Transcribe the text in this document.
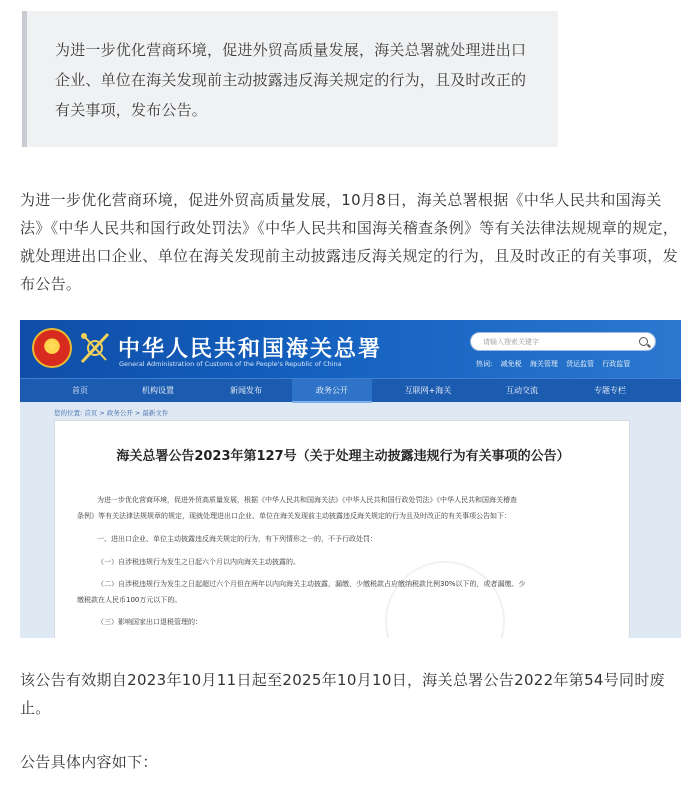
为进一步优化营商环境，促进外贸高质量发展，海关总署就处理进出口企业、单位在海关发现前主动披露违反海关规定的行为，且及时改正的有关事项，发布公告。

为进一步优化营商环境，促进外贸高质量发展，10月8日，海关总署根据《中华人民共和国海关法》《中华人民共和国行政处罚法》《中华人民共和国海关稽查条例》等有关法律法规规章的规定，就处理进出口企业、单位在海关发现前主动披露违反海关规定的行为，且及时改正的有关事项，发布公告。

中华人民共和国海关总署
General Administration of Customs of the People's Republic of China
请输入搜索关键字
热词: 减免税 海关管理 货运监管 行政监管
首页	机构设置	新闻发布	政务公开	互联网+海关	互动交流	专题专栏
您的位置: 首页 > 政务公开 > 最新文件
海关总署公告2023年第127号（关于处理主动披露违规行为有关事项的公告）
为进一步优化营商环境，促进外贸高质量发展，根据《中华人民共和国海关法》《中华人民共和国行政处罚法》《中华人民共和国海关稽查
条例》等有关法律法规规章的规定，现就处理进出口企业、单位在海关发现前主动披露违反海关规定的行为且及时改正的有关事项公告如下：
一、进出口企业、单位主动披露违反海关规定的行为，有下列情形之一的，不予行政处罚：
（一）自涉税违规行为发生之日起六个月以内向海关主动披露的。
（二）自涉税违规行为发生之日起超过六个月但在两年以内向海关主动披露，漏缴、少缴税款占应缴纳税款比例30%以下的，或者漏缴、少
缴税款在人民币100万元以下的。
（三）影响国家出口退税管理的：

该公告有效期自2023年10月11日起至2025年10月10日，海关总署公告2022年第54号同时废止。

公告具体内容如下：
